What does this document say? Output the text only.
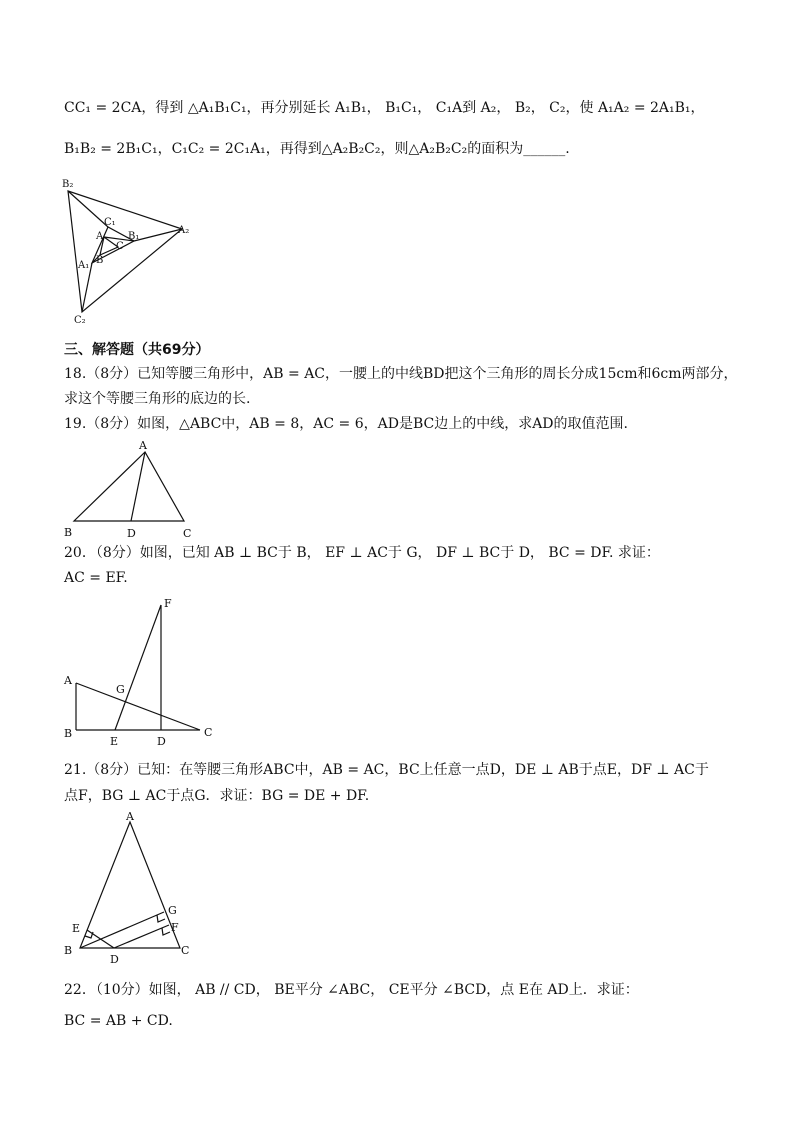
CC₁ = 2CA，得到 △A₁B₁C₁，再分别延长 A₁B₁， B₁C₁， C₁A到 A₂， B₂， C₂，使 A₁A₂ = 2A₁B₁，
B₁B₂ = 2B₁C₁，C₁C₂ = 2C₁A₁，再得到△A₂B₂C₂，则△A₂B₂C₂的面积为______.
B₂
C₁
A B₁
C
A₂
A₁ B
C₂
三、解答题（共69分）
18.（8分）已知等腰三角形中，AB = AC，一腰上的中线BD把这个三角形的周长分成15cm和6cm两部分，
求这个等腰三角形的底边的长.
19.（8分）如图，△ABC中，AB = 8，AC = 6，AD是BC边上的中线，求AD的取值范围.
A
B	D	C
20．（8分）如图，已知 AB ⊥ BC于 B， EF ⊥ AC于 G， DF ⊥ BC于 D， BC = DF. 求证：
AC = EF.
F
A
G
B
E	D
C
21.（8分）已知：在等腰三角形ABC中，AB = AC，BC上任意一点D，DE ⊥ AB于点E，DF ⊥ AC于
点F，BG ⊥ AC于点G．求证：BG = DE + DF.
A
E
G
F
B
D
C
22．（10分）如图， AB // CD， BE平分 ∠ABC， CE平分 ∠BCD，点 E在 AD上．求证：
BC = AB + CD.
